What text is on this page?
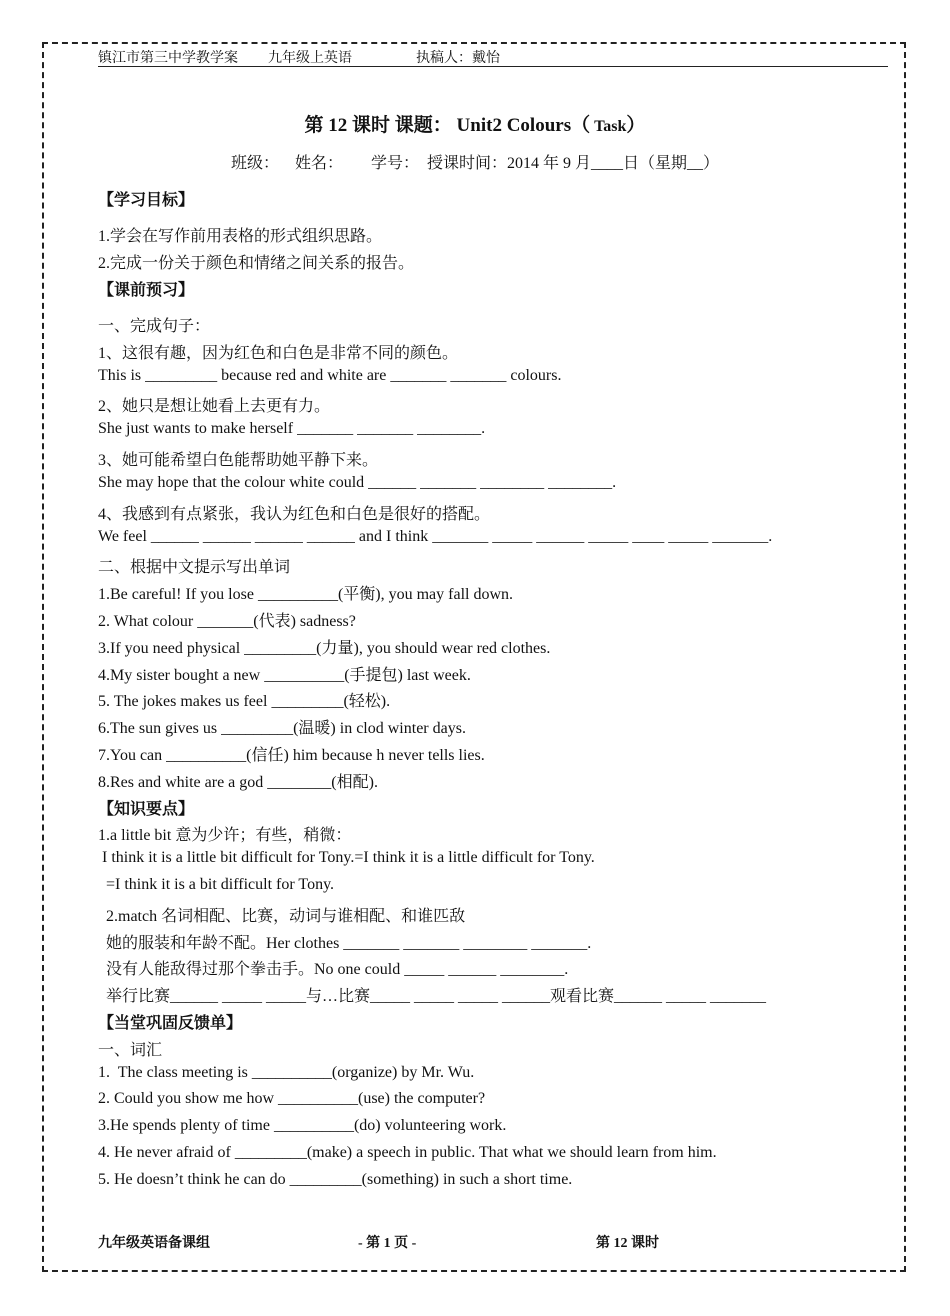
镇江市第三中学教学案 九年级上英语	执稿人：戴怡
第 12 课时 课题： Unit2 Colours（ Task）
班级：    姓名：       学号：  授课时间：2014 年 9 月____日（星期__）
【学习目标】
1.学会在写作前用表格的形式组织思路。
2.完成一份关于颜色和情绪之间关系的报告。
【课前预习】
一、完成句子：
1、这很有趣，因为红色和白色是非常不同的颜色。
This is _________ because red and white are _______ _______ colours.
2、她只是想让她看上去更有力。
She just wants to make herself _______ _______ ________.
3、她可能希望白色能帮助她平静下来。
She may hope that the colour white could ______ _______ ________ ________.
4、我感到有点紧张，我认为红色和白色是很好的搭配。
We feel ______ ______ ______ ______ and I think _______ _____ ______ _____ ____ _____ _______.
二、根据中文提示写出单词
1.Be careful! If you lose __________(平衡), you may fall down.
2. What colour _______(代表) sadness?
3.If you need physical _________(力量), you should wear red clothes.
4.My sister bought a new __________(手提包) last week.
5. The jokes makes us feel _________(轻松).
6.The sun gives us _________(温暖) in clod winter days.
7.You can __________(信任) him because h never tells lies.
8.Res and white are a god ________(相配).
【知识要点】
1.a little bit 意为少许；有些，稍微：
I think it is a little bit difficult for Tony.=I think it is a little difficult for Tony.
=I think it is a bit difficult for Tony.
2.match 名词相配、比赛，动词与谁相配、和谁匹敌
她的服装和年龄不配。Her clothes _______ _______ ________ _______.
没有人能敌得过那个拳击手。No one could _____ ______ ________.
举行比赛______ _____ _____与…比赛_____ _____ _____ ______观看比赛______ _____ _______
【当堂巩固反馈单】
一、词汇
1.  The class meeting is __________(organize) by Mr. Wu.
2. Could you show me how __________(use) the computer?
3.He spends plenty of time __________(do) volunteering work.
4. He never afraid of _________(make) a speech in public. That what we should learn from him.
5. He doesn’t think he can do _________(something) in such a short time.
九年级英语备课组	- 第 1 页 -	第 12 课时
